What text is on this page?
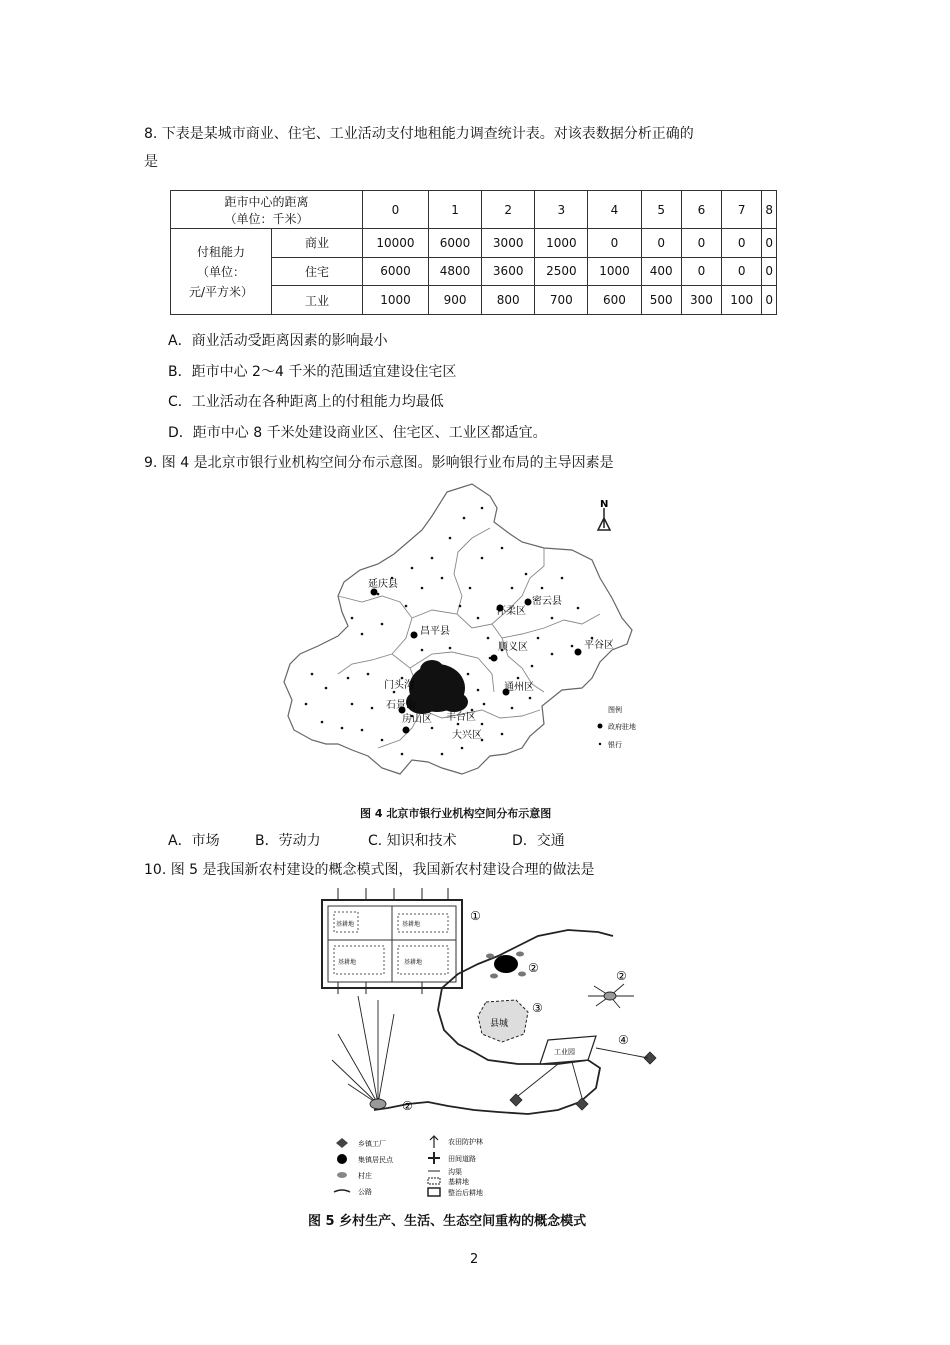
8. 下表是某城市商业、住宅、工业活动支付地租能力调查统计表。对该表数据分析正确的
是
距市中心的距离
（单位：千米）		0	1	2	3	4	5	6	7	8

付租能力
（单位：
元/平方米）	商业	10000	6000	3000	1000	0	0	0	0	0
	住宅	6000	4800	3600	2500	1000	400	0	0	0
	工业	1000	900	800	700	600	500	300	100	0
A．商业活动受距离因素的影响最小
B．距市中心 2～4 千米的范围适宜建设住宅区
C．工业活动在各种距离上的付租能力均最低
D．距市中心 8 千米处建设商业区、住宅区、工业区都适宜。
9. 图 4 是北京市银行业机构空间分布示意图。影响银行业布局的主导因素是
N
延庆县
怀柔区
密云县
昌平县
顺义区	平谷区
门头沟
石景山
丰台区
通州区
房山区
大兴区
图例
政府驻地
银行
图 4 北京市银行业机构空间分布示意图
A．市场	B．劳动力	C. 知识和技术	D．交通
10. 图 5 是我国新农村建设的概念模式图，我国新农村建设合理的做法是
基耕地	基耕地
基耕地	基耕地
①
②
②
县城
③
工业园
④
②
乡镇工厂
集镇居民点
村庄
公路
农田防护林
田间道路
沟渠
基耕地
整治后耕地
图 5 乡村生产、生活、生态空间重构的概念模式
2
